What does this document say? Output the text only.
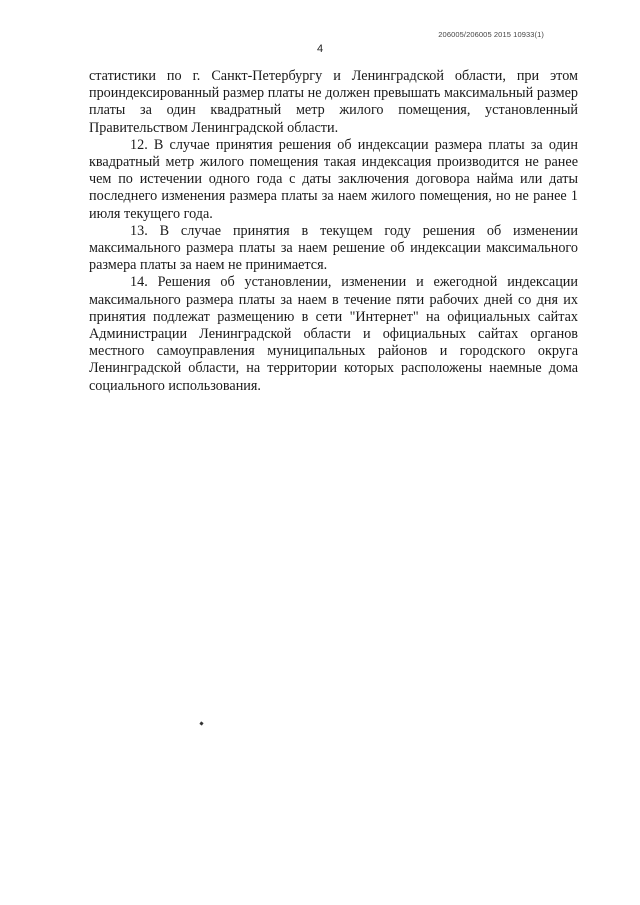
206005/206005 2015 10933(1)
4

статистики по г. Санкт-Петербургу и Ленинградской области, при этом проиндексированный размер платы не должен превышать максимальный размер платы за один квадратный метр жилого помещения, установленный Правительством Ленинградской области.

12. В случае принятия решения об индексации размера платы за один квадратный метр жилого помещения такая индексация производится не ранее чем по истечении одного года с даты заключения договора найма или даты последнего изменения размера платы за наем жилого помещения, но не ранее 1 июля текущего года.

13. В случае принятия в текущем году решения об изменении максимального размера платы за наем решение об индексации максимального размера платы за наем не принимается.

14. Решения об установлении, изменении и ежегодной индексации максимального размера платы за наем в течение пяти рабочих дней со дня их принятия подлежат размещению в сети "Интернет" на официальных сайтах Администрации Ленинградской области и официальных сайтах органов местного самоуправления муниципальных районов и городского округа Ленинградской области, на территории которых расположены наемные дома социального использования.
